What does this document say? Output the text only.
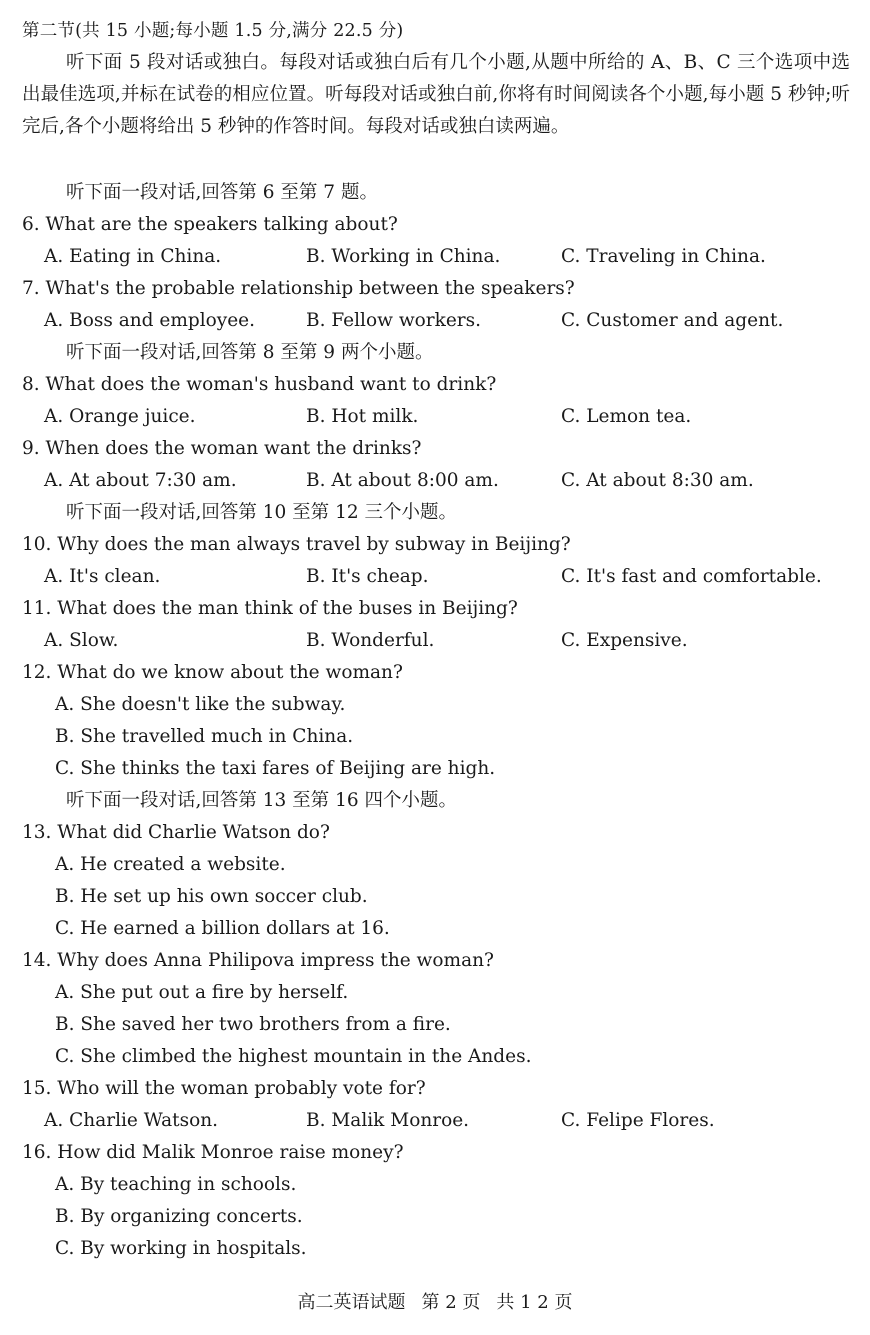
第二节(共 15 小题;每小题 1.5 分,满分 22.5 分)
听下面 5 段对话或独白。每段对话或独白后有几个小题,从题中所给的 A、B、C 三个选项中选出最佳选项,并标在试卷的相应位置。听每段对话或独白前,你将有时间阅读各个小题,每小题 5 秒钟;听完后,各个小题将给出 5 秒钟的作答时间。每段对话或独白读两遍。
听下面一段对话,回答第 6 至第 7 题。
6. What are the speakers talking about?
A. Eating in China.	B. Working in China.	C. Traveling in China.
7. What's the probable relationship between the speakers?
A. Boss and employee.	B. Fellow workers.	C. Customer and agent.
听下面一段对话,回答第 8 至第 9 两个小题。
8. What does the woman's husband want to drink?
A. Orange juice.	B. Hot milk.	C. Lemon tea.
9. When does the woman want the drinks?
A. At about 7:30 am.	B. At about 8:00 am.	C. At about 8:30 am.
听下面一段对话,回答第 10 至第 12 三个小题。
10. Why does the man always travel by subway in Beijing?
A. It's clean.	B. It's cheap.	C. It's fast and comfortable.
11. What does the man think of the buses in Beijing?
A. Slow.	B. Wonderful.	C. Expensive.
12. What do we know about the woman?
A. She doesn't like the subway.
B. She travelled much in China.
C. She thinks the taxi fares of Beijing are high.
听下面一段对话,回答第 13 至第 16 四个小题。
13. What did Charlie Watson do?
A. He created a website.
B. He set up his own soccer club.
C. He earned a billion dollars at 16.
14. Why does Anna Philipova impress the woman?
A. She put out a fire by herself.
B. She saved her two brothers from a fire.
C. She climbed the highest mountain in the Andes.
15. Who will the woman probably vote for?
A. Charlie Watson.	B. Malik Monroe.	C. Felipe Flores.
16. How did Malik Monroe raise money?
A. By teaching in schools.
B. By organizing concerts.
C. By working in hospitals.
高二英语试题 第 2 页 共 1 2 页
